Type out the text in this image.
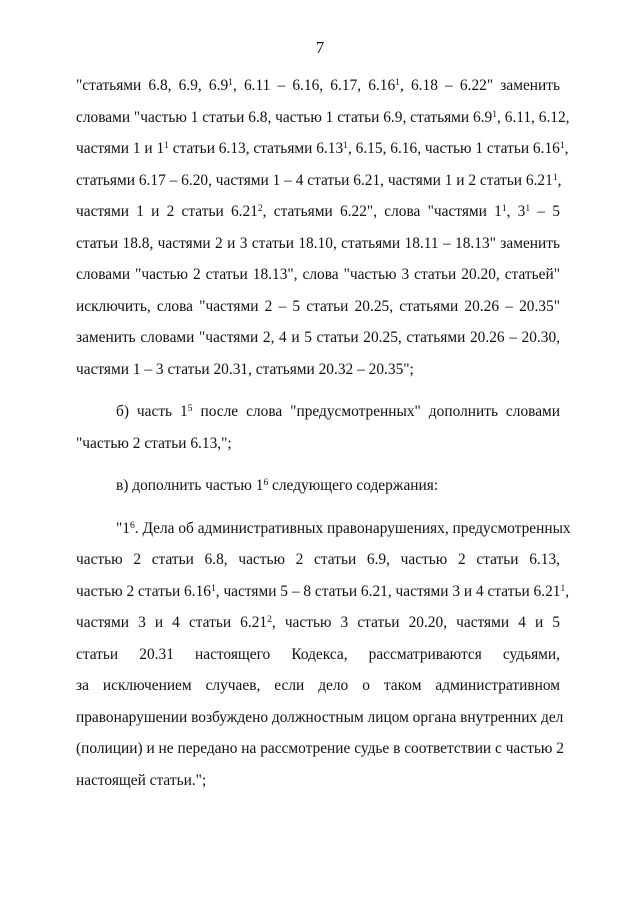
7
"статьями 6.8, 6.9, $6.9^1$, 6.11 – 6.16, 6.17, 6.16$^1$, 6.18 – 6.22" заменить
словами "частью 1 статьи 6.8, частью 1 статьи 6.9, статьями $6.9^1$, 6.11, 6.12,
частями 1 и $1^1$ статьи 6.13, статьями 6.13$^1$, 6.15, 6.16, частью 1 статьи 6.16$^1$,
статьями 6.17 – 6.20, частями 1 – 4 статьи 6.21, частями 1 и 2 статьи 6.21$^1$,
частями 1 и 2 статьи 6.21$^2$, статьями 6.22", слова "частями $1^1$, $3^1 - 5$
статьи 18.8, частями 2 и 3 статьи 18.10, статьями 18.11 – 18.13" заменить
словами "частью 2 статьи 18.13", слова "частью 3 статьи 20.20, статьей"
исключить, слова "частями 2 – 5 статьи 20.25, статьями 20.26 – 20.35"
заменить словами "частями 2, 4 и 5 статьи 20.25, статьями 20.26 – 20.30,
частями 1 – 3 статьи 20.31, статьями 20.32 – 20.35";
б) часть $1^5$ после слова "предусмотренных" дополнить словами
"частью 2 статьи 6.13,";
в) дополнить частью $1^6$ следующего содержания:
"$1^6$. Дела об административных правонарушениях, предусмотренных
частью 2 статьи 6.8, частью 2 статьи 6.9, частью 2 статьи 6.13,
частью 2 статьи 6.16$^1$, частями 5 – 8 статьи 6.21, частями 3 и 4 статьи 6.21$^1$,
частями 3 и 4 статьи 6.21$^2$, частью 3 статьи 20.20, частями 4 и 5
статьи 20.31 настоящего Кодекса, рассматриваются судьями,
за исключением случаев, если дело о таком административном
правонарушении возбуждено должностным лицом органа внутренних дел
(полиции) и не передано на рассмотрение судье в соответствии с частью 2
настоящей статьи.";
